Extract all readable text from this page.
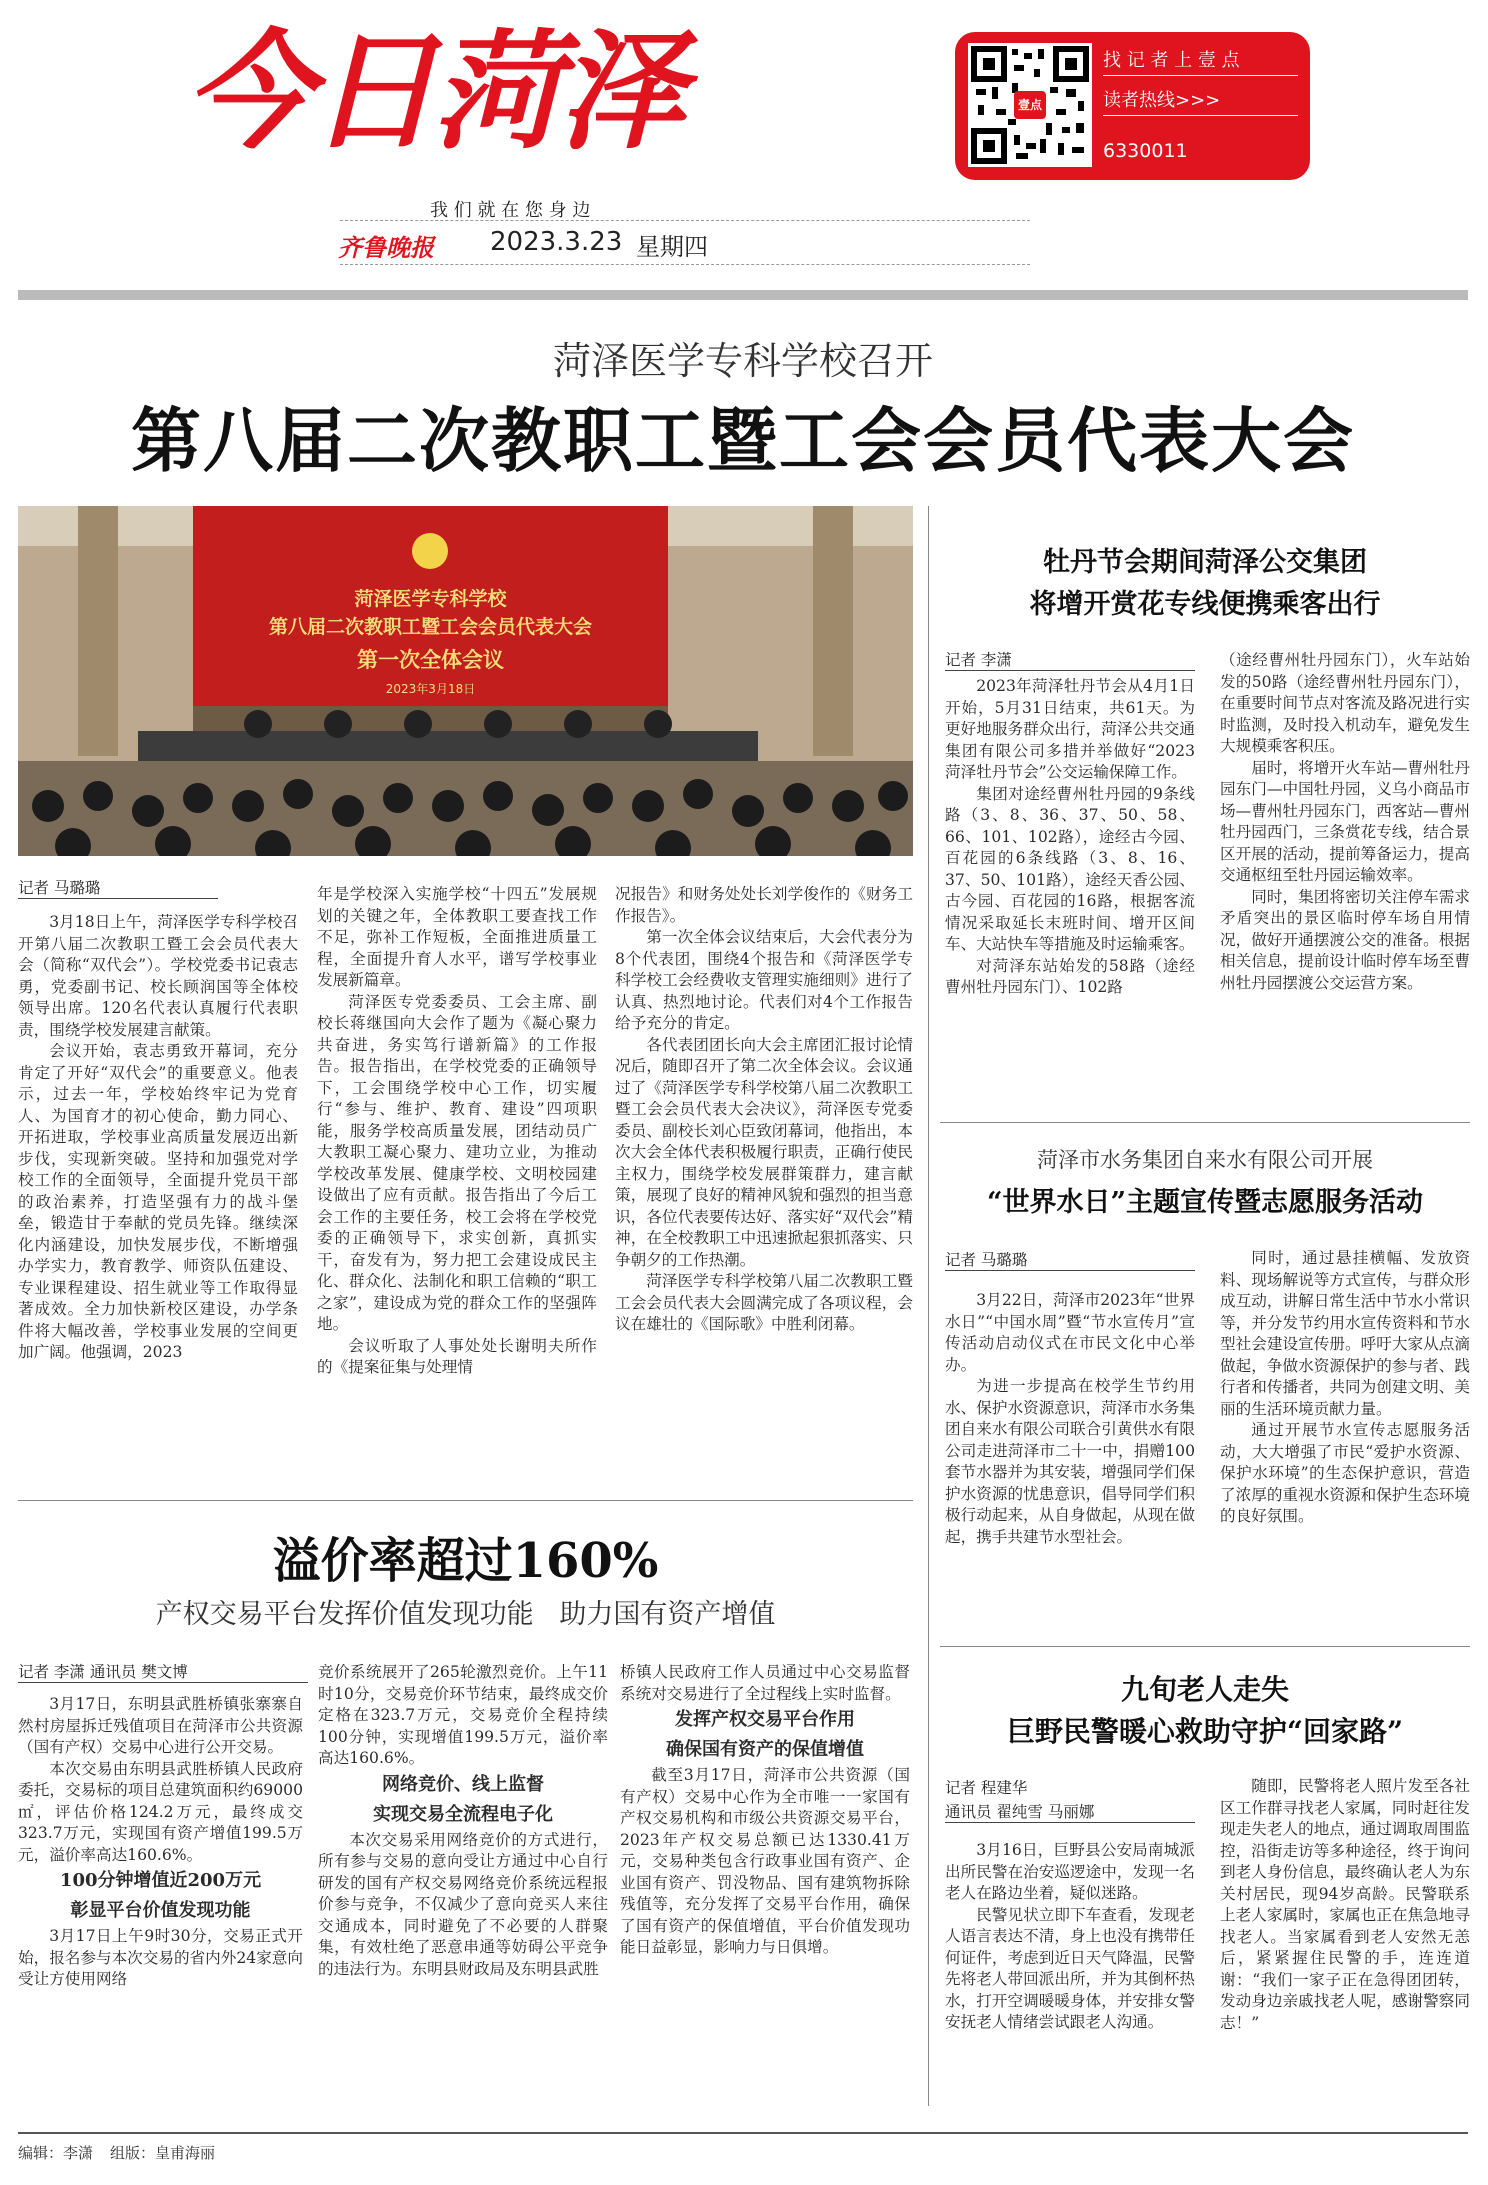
今日菏泽	壹点
找 记 者 上 壹 点
读者热线>>>
6330011
我 们 就 在 您 身 边
齐鲁晚报 2023.3.23 星期四
菏泽医学专科学校召开
第八届二次教职工暨工会会员代表大会
菏泽医学专科学校
第八届二次教职工暨工会会员代表大会
第一次全体会议
2023年3月18日
记者 马璐璐

3月18日上午，菏泽医学专科学校召开第八届二次教职工暨工会会员代表大会（简称“双代会”）。学校党委书记袁志勇，党委副书记、校长顾润国等全体校领导出席。120名代表认真履行代表职责，围绕学校发展建言献策。

会议开始，袁志勇致开幕词，充分肯定了开好“双代会”的重要意义。他表示，过去一年，学校始终牢记为党育人、为国育才的初心使命，勤力同心、开拓进取，学校事业高质量发展迈出新步伐，实现新突破。坚持和加强党对学校工作的全面领导，全面提升党员干部的政治素养，打造坚强有力的战斗堡垒，锻造甘于奉献的党员先锋。继续深化内涵建设，加快发展步伐，不断增强办学实力，教育教学、师资队伍建设、专业课程建设、招生就业等工作取得显著成效。全力加快新校区建设，办学条件将大幅改善，学校事业发展的空间更加广阔。他强调，2023

年是学校深入实施学校“十四五”发展规划的关键之年，全体教职工要查找工作不足，弥补工作短板，全面推进质量工程，全面提升育人水平，谱写学校事业发展新篇章。

菏泽医专党委委员、工会主席、副校长蒋继国向大会作了题为《凝心聚力共奋进，务实笃行谱新篇》的工作报告。报告指出，在学校党委的正确领导下，工会围绕学校中心工作，切实履行“参与、维护、教育、建设”四项职能，服务学校高质量发展，团结动员广大教职工凝心聚力、建功立业，为推动学校改革发展、健康学校、文明校园建设做出了应有贡献。报告指出了今后工会工作的主要任务，校工会将在学校党委的正确领导下，求实创新，真抓实干，奋发有为，努力把工会建设成民主化、群众化、法制化和职工信赖的“职工之家”，建设成为党的群众工作的坚强阵地。

会议听取了人事处处长谢明夫所作的《提案征集与处理情

况报告》和财务处处长刘学俊作的《财务工作报告》。

第一次全体会议结束后，大会代表分为8个代表团，围绕4个报告和《菏泽医学专科学校工会经费收支管理实施细则》进行了认真、热烈地讨论。代表们对4个工作报告给予充分的肯定。

各代表团团长向大会主席团汇报讨论情况后，随即召开了第二次全体会议。会议通过了《菏泽医学专科学校第八届二次教职工暨工会会员代表大会决议》，菏泽医专党委委员、副校长刘心臣致闭幕词，他指出，本次大会全体代表积极履行职责，正确行使民主权力，围绕学校发展群策群力，建言献策，展现了良好的精神风貌和强烈的担当意识，各位代表要传达好、落实好“双代会”精神，在全校教职工中迅速掀起狠抓落实、只争朝夕的工作热潮。

菏泽医学专科学校第八届二次教职工暨工会会员代表大会圆满完成了各项议程，会议在雄壮的《国际歌》中胜利闭幕。

牡丹节会期间菏泽公交集团
将增开赏花专线便携乘客出行
记者 李潇

2023年菏泽牡丹节会从4月1日开始，5月31日结束，共61天。为更好地服务群众出行，菏泽公共交通集团有限公司多措并举做好“2023菏泽牡丹节会”公交运输保障工作。

集团对途经曹州牡丹园的9条线路（3、8、36、37、50、58、66、101、102路），途经古今园、百花园的6条线路（3、8、16、37、50、101路），途经天香公园、古今园、百花园的16路，根据客流情况采取延长末班时间、增开区间车、大站快车等措施及时运输乘客。

对菏泽东站始发的58路（途经曹州牡丹园东门）、102路

（途经曹州牡丹园东门），火车站始发的50路（途经曹州牡丹园东门），在重要时间节点对客流及路况进行实时监测，及时投入机动车，避免发生大规模乘客积压。

届时，将增开火车站—曹州牡丹园东门—中国牡丹园，义乌小商品市场—曹州牡丹园东门，西客站—曹州牡丹园西门，三条赏花专线，结合景区开展的活动，提前筹备运力，提高交通枢纽至牡丹园运输效率。

同时，集团将密切关注停车需求矛盾突出的景区临时停车场自用情况，做好开通摆渡公交的准备。根据相关信息，提前设计临时停车场至曹州牡丹园摆渡公交运营方案。

菏泽市水务集团自来水有限公司开展
“世界水日”主题宣传暨志愿服务活动
记者 马璐璐

3月22日，菏泽市2023年“世界水日”“中国水周”暨“节水宣传月”宣传活动启动仪式在市民文化中心举办。

为进一步提高在校学生节约用水、保护水资源意识，菏泽市水务集团自来水有限公司联合引黄供水有限公司走进菏泽市二十一中，捐赠100套节水器并为其安装，增强同学们保护水资源的忧患意识，倡导同学们积极行动起来，从自身做起，从现在做起，携手共建节水型社会。

同时，通过悬挂横幅、发放资料、现场解说等方式宣传，与群众形成互动，讲解日常生活中节水小常识等，并分发节约用水宣传资料和节水型社会建设宣传册。呼吁大家从点滴做起，争做水资源保护的参与者、践行者和传播者，共同为创建文明、美丽的生活环境贡献力量。

通过开展节水宣传志愿服务活动，大大增强了市民“爱护水资源、保护水环境”的生态保护意识，营造了浓厚的重视水资源和保护生态环境的良好氛围。

九旬老人走失
巨野民警暖心救助守护“回家路”
记者 程建华
通讯员 翟纯雪 马丽娜

3月16日，巨野县公安局南城派出所民警在治安巡逻途中，发现一名老人在路边坐着，疑似迷路。

民警见状立即下车查看，发现老人语言表达不清，身上也没有携带任何证件，考虑到近日天气降温，民警先将老人带回派出所，并为其倒杯热水，打开空调暖暖身体，并安排女警安抚老人情绪尝试跟老人沟通。

随即，民警将老人照片发至各社区工作群寻找老人家属，同时赶往发现走失老人的地点，通过调取周围监控，沿街走访等多种途径，终于询问到老人身份信息，最终确认老人为东关村居民，现94岁高龄。民警联系上老人家属时，家属也正在焦急地寻找老人。当家属看到老人安然无恙后，紧紧握住民警的手，连连道谢：“我们一家子正在急得团团转，发动身边亲戚找老人呢，感谢警察同志！”

溢价率超过160%
产权交易平台发挥价值发现功能   助力国有资产增值
记者 李潇 通讯员 樊文博

3月17日，东明县武胜桥镇张寨寨自然村房屋拆迁残值项目在菏泽市公共资源（国有产权）交易中心进行公开交易。

本次交易由东明县武胜桥镇人民政府委托，交易标的项目总建筑面积约69000㎡，评估价格124.2万元，最终成交323.7万元，实现国有资产增值199.5万元，溢价率高达160.6%。

100分钟增值近200万元
彰显平台价值发现功能

3月17日上午9时30分，交易正式开始，报名参与本次交易的省内外24家意向受让方使用网络

竞价系统展开了265轮激烈竞价。上午11时10分，交易竞价环节结束，最终成交价定格在323.7万元，交易竞价全程持续100分钟，实现增值199.5万元，溢价率高达160.6%。

网络竞价、线上监督
实现交易全流程电子化

本次交易采用网络竞价的方式进行，所有参与交易的意向受让方通过中心自行研发的国有产权交易网络竞价系统远程报价参与竞争，不仅减少了意向竞买人来往交通成本，同时避免了不必要的人群聚集，有效杜绝了恶意串通等妨碍公平竞争的违法行为。东明县财政局及东明县武胜

桥镇人民政府工作人员通过中心交易监督系统对交易进行了全过程线上实时监督。

发挥产权交易平台作用
确保国有资产的保值增值

截至3月17日，菏泽市公共资源（国有产权）交易中心作为全市唯一一家国有产权交易机构和市级公共资源交易平台，2023年产权交易总额已达1330.41万元，交易种类包含行政事业国有资产、企业国有资产、罚没物品、国有建筑物拆除残值等，充分发挥了交易平台作用，确保了国有资产的保值增值，平台价值发现功能日益彰显，影响力与日俱增。

编辑：李潇 组版：皇甫海丽
